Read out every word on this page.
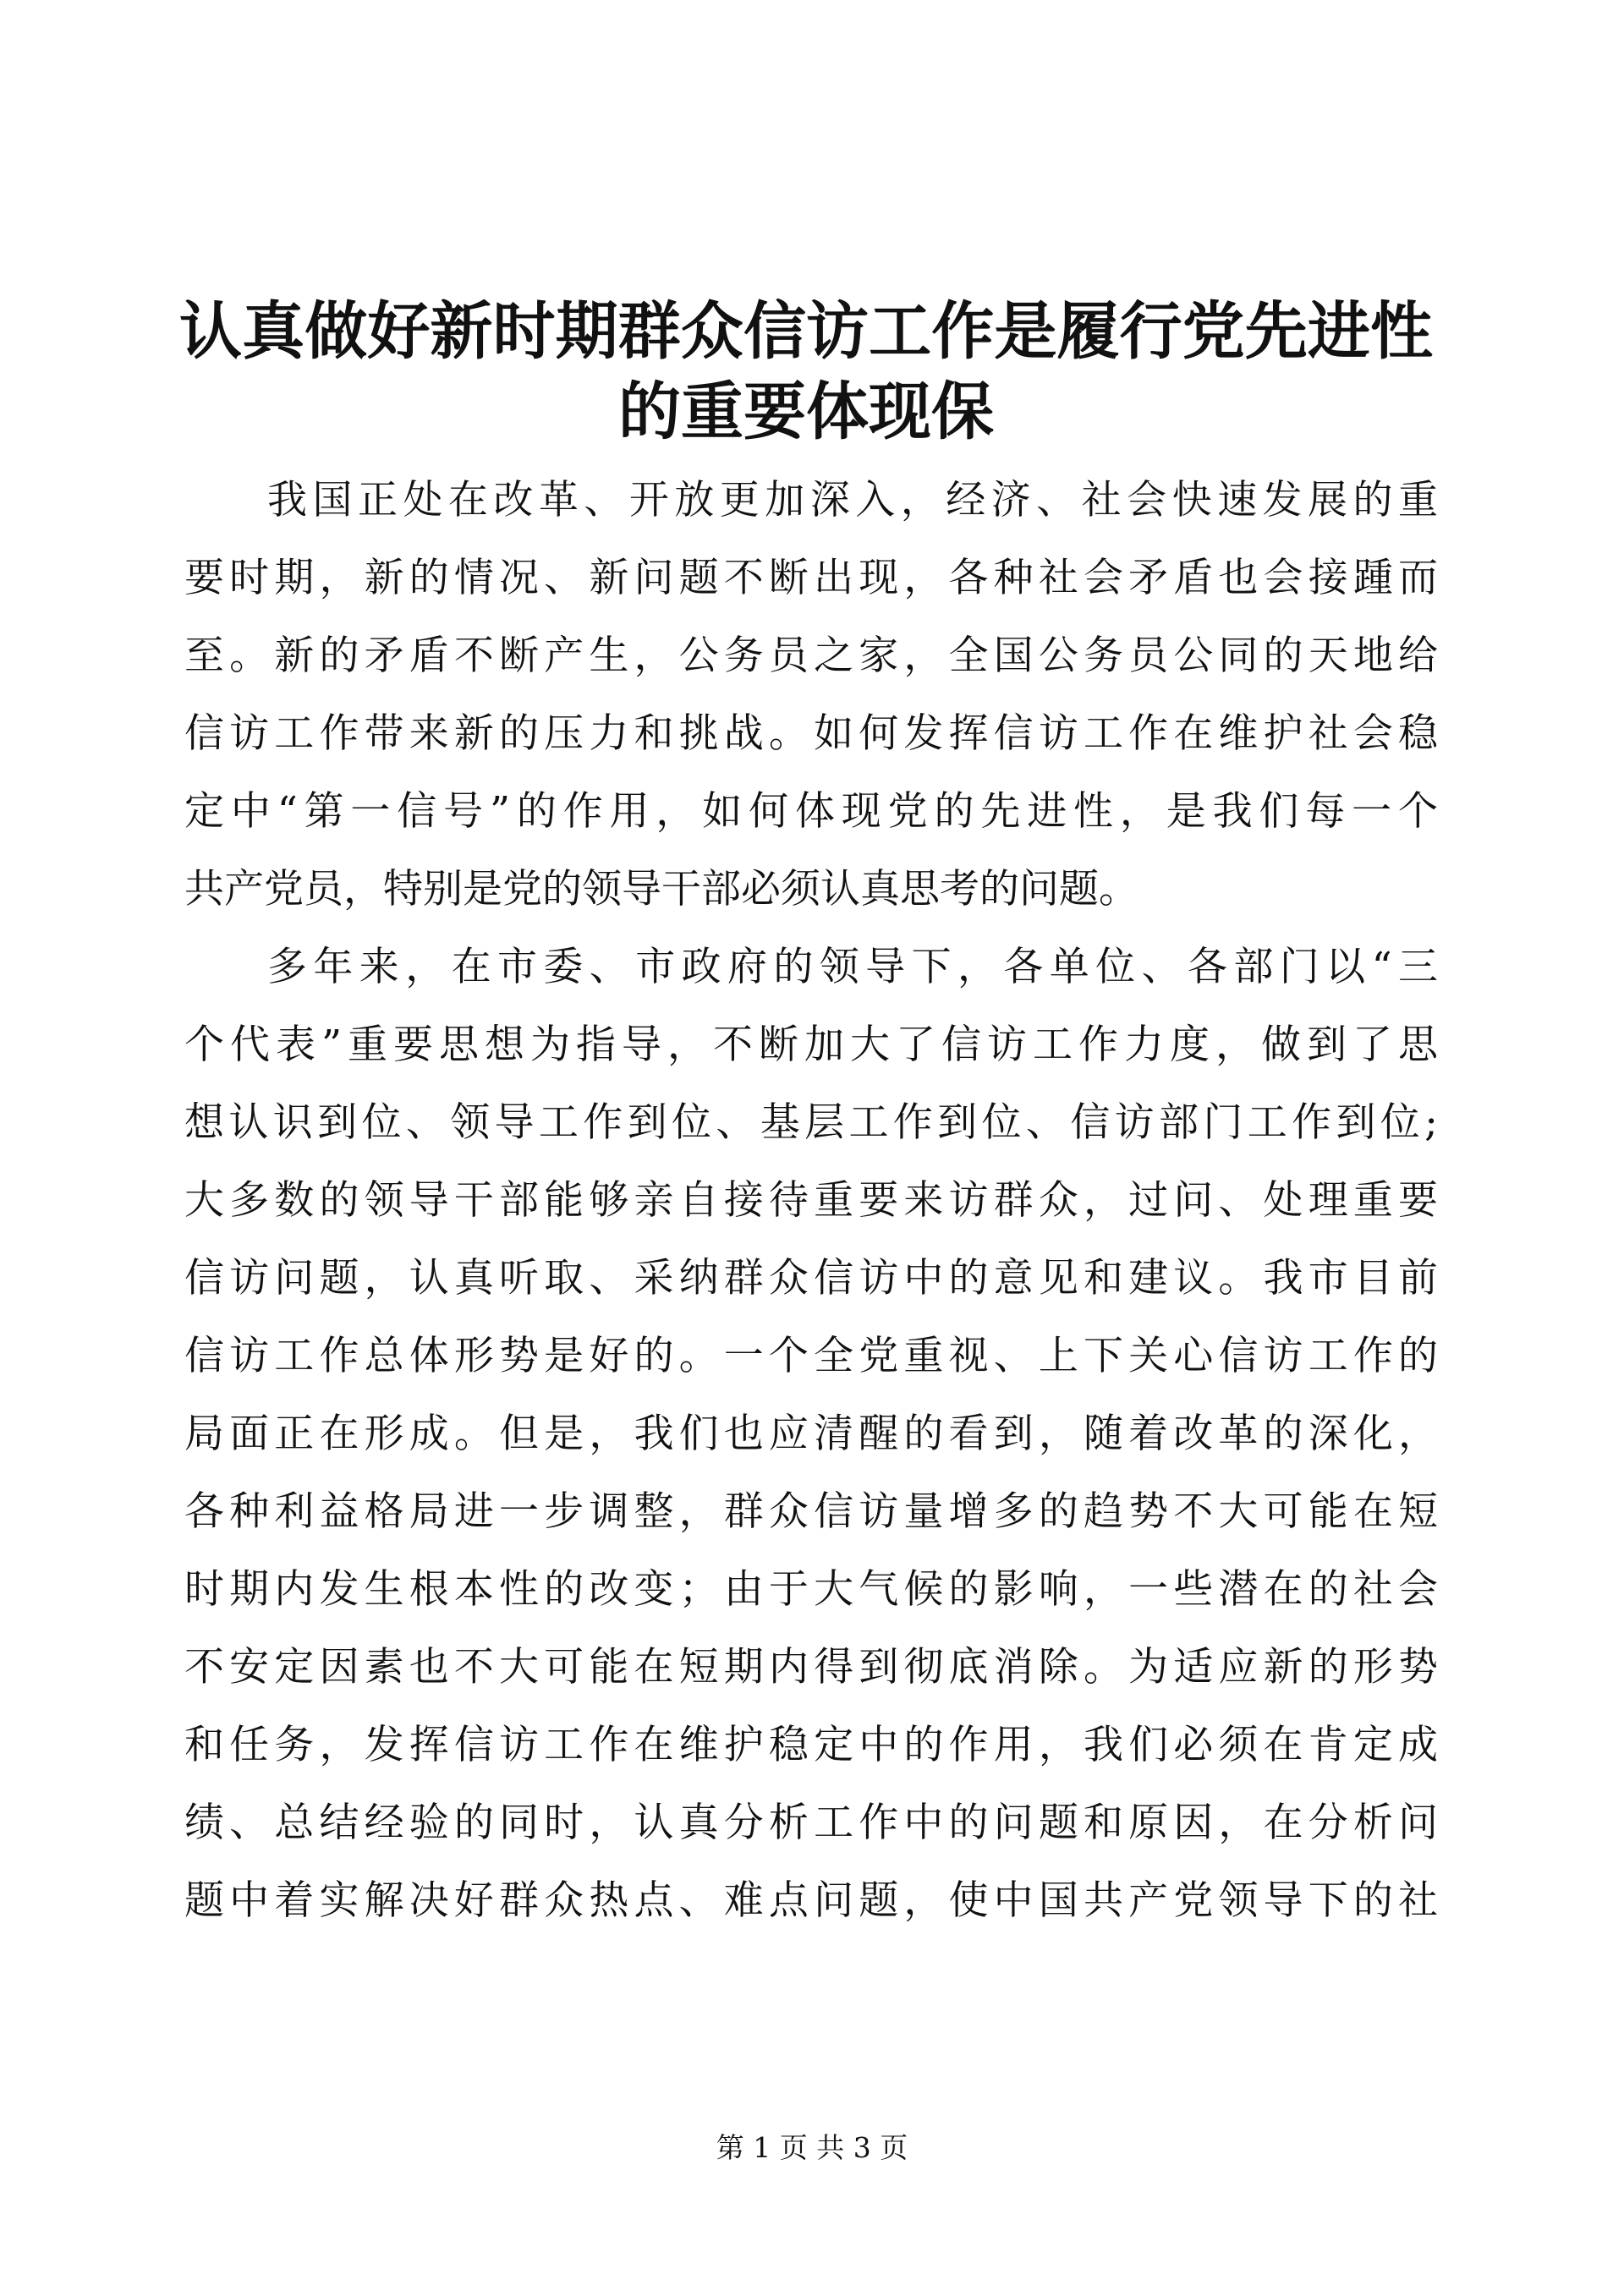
认真做好新时期群众信访工作是履行党先进性
的重要体现保
我国正处在改革、开放更加深入，经济、社会快速发展的重
要时期，新的情况、新问题不断出现，各种社会矛盾也会接踵而
至。新的矛盾不断产生，公务员之家，全国公务员公同的天地给
信访工作带来新的压力和挑战。如何发挥信访工作在维护社会稳
定中“第一信号”的作用，如何体现党的先进性，是我们每一个
共产党员，特别是党的领导干部必须认真思考的问题。
多年来，在市委、市政府的领导下，各单位、各部门以“三
个代表”重要思想为指导，不断加大了信访工作力度，做到了思
想认识到位、领导工作到位、基层工作到位、信访部门工作到位;
大多数的领导干部能够亲自接待重要来访群众，过问、处理重要
信访问题，认真听取、采纳群众信访中的意见和建议。我市目前
信访工作总体形势是好的。一个全党重视、上下关心信访工作的
局面正在形成。但是，我们也应清醒的看到，随着改革的深化，
各种利益格局进一步调整，群众信访量增多的趋势不大可能在短
时期内发生根本性的改变；由于大气候的影响，一些潜在的社会
不安定因素也不大可能在短期内得到彻底消除。为适应新的形势
和任务，发挥信访工作在维护稳定中的作用，我们必须在肯定成
绩、总结经验的同时，认真分析工作中的问题和原因，在分析问
题中着实解决好群众热点、难点问题，使中国共产党领导下的社
第 1 页 共 3 页
